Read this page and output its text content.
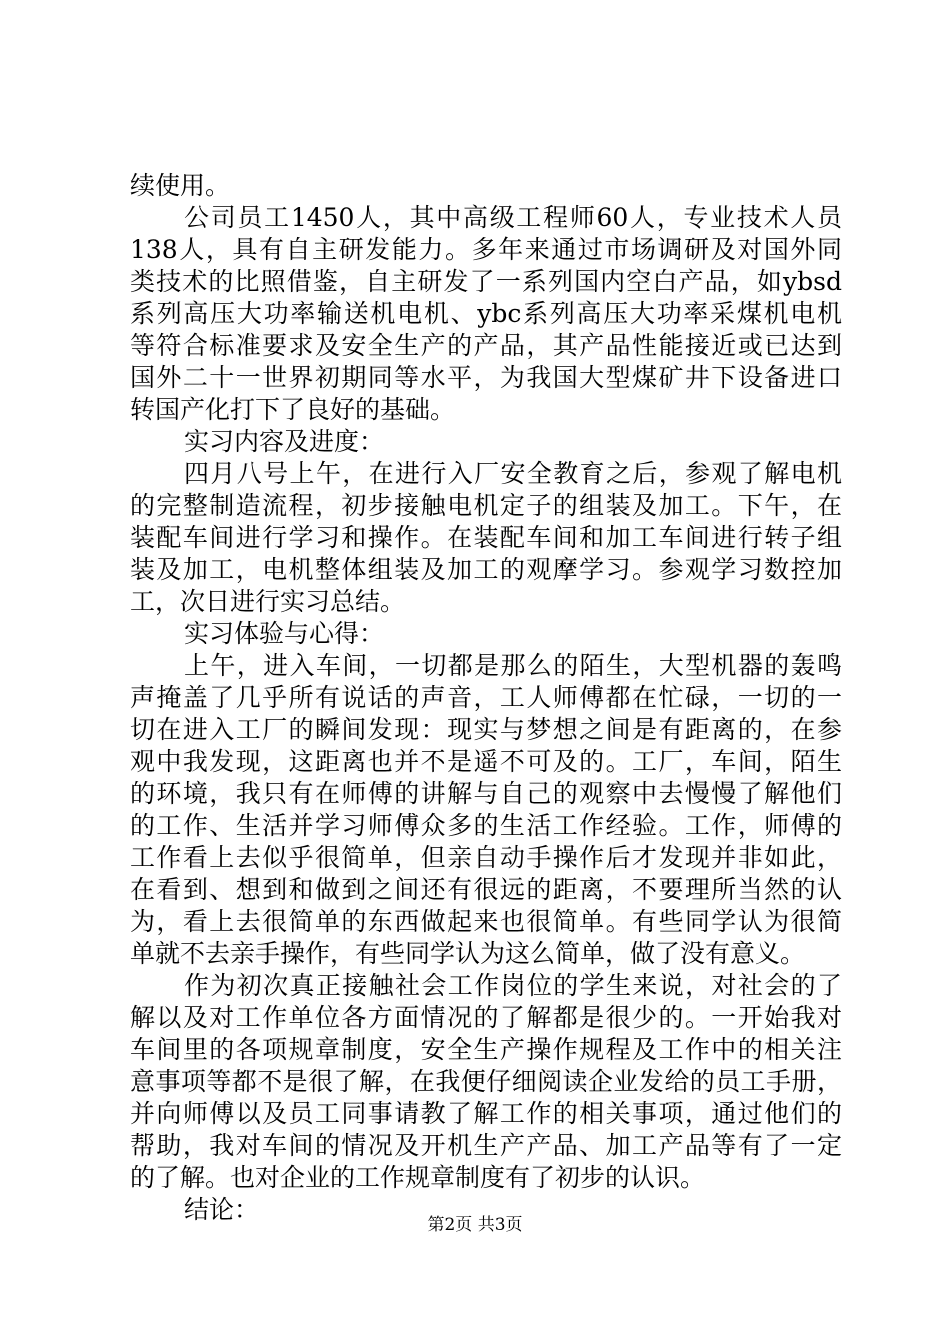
续使用。
公司员工1450人，其中高级工程师60人，专业技术人员
138人，具有自主研发能力。多年来通过市场调研及对国外同
类技术的比照借鉴，自主研发了一系列国内空白产品，如ybsd
系列高压大功率输送机电机、ybc系列高压大功率采煤机电机
等符合标准要求及安全生产的产品，其产品性能接近或已达到
国外二十一世界初期同等水平，为我国大型煤矿井下设备进口
转国产化打下了良好的基础。
实习内容及进度：
四月八号上午，在进行入厂安全教育之后，参观了解电机
的完整制造流程，初步接触电机定子的组装及加工。下午，在
装配车间进行学习和操作。在装配车间和加工车间进行转子组
装及加工，电机整体组装及加工的观摩学习。参观学习数控加
工，次日进行实习总结。
实习体验与心得：
上午，进入车间，一切都是那么的陌生，大型机器的轰鸣
声掩盖了几乎所有说话的声音，工人师傅都在忙碌，一切的一
切在进入工厂的瞬间发现：现实与梦想之间是有距离的，在参
观中我发现，这距离也并不是遥不可及的。工厂，车间，陌生
的环境，我只有在师傅的讲解与自己的观察中去慢慢了解他们
的工作、生活并学习师傅众多的生活工作经验。工作，师傅的
工作看上去似乎很简单，但亲自动手操作后才发现并非如此，
在看到、想到和做到之间还有很远的距离，不要理所当然的认
为，看上去很简单的东西做起来也很简单。有些同学认为很简
单就不去亲手操作，有些同学认为这么简单，做了没有意义。
作为初次真正接触社会工作岗位的学生来说，对社会的了
解以及对工作单位各方面情况的了解都是很少的。一开始我对
车间里的各项规章制度，安全生产操作规程及工作中的相关注
意事项等都不是很了解，在我便仔细阅读企业发给的员工手册，
并向师傅以及员工同事请教了解工作的相关事项，通过他们的
帮助，我对车间的情况及开机生产产品、加工产品等有了一定
的了解。也对企业的工作规章制度有了初步的认识。
结论：
第2页 共3页
